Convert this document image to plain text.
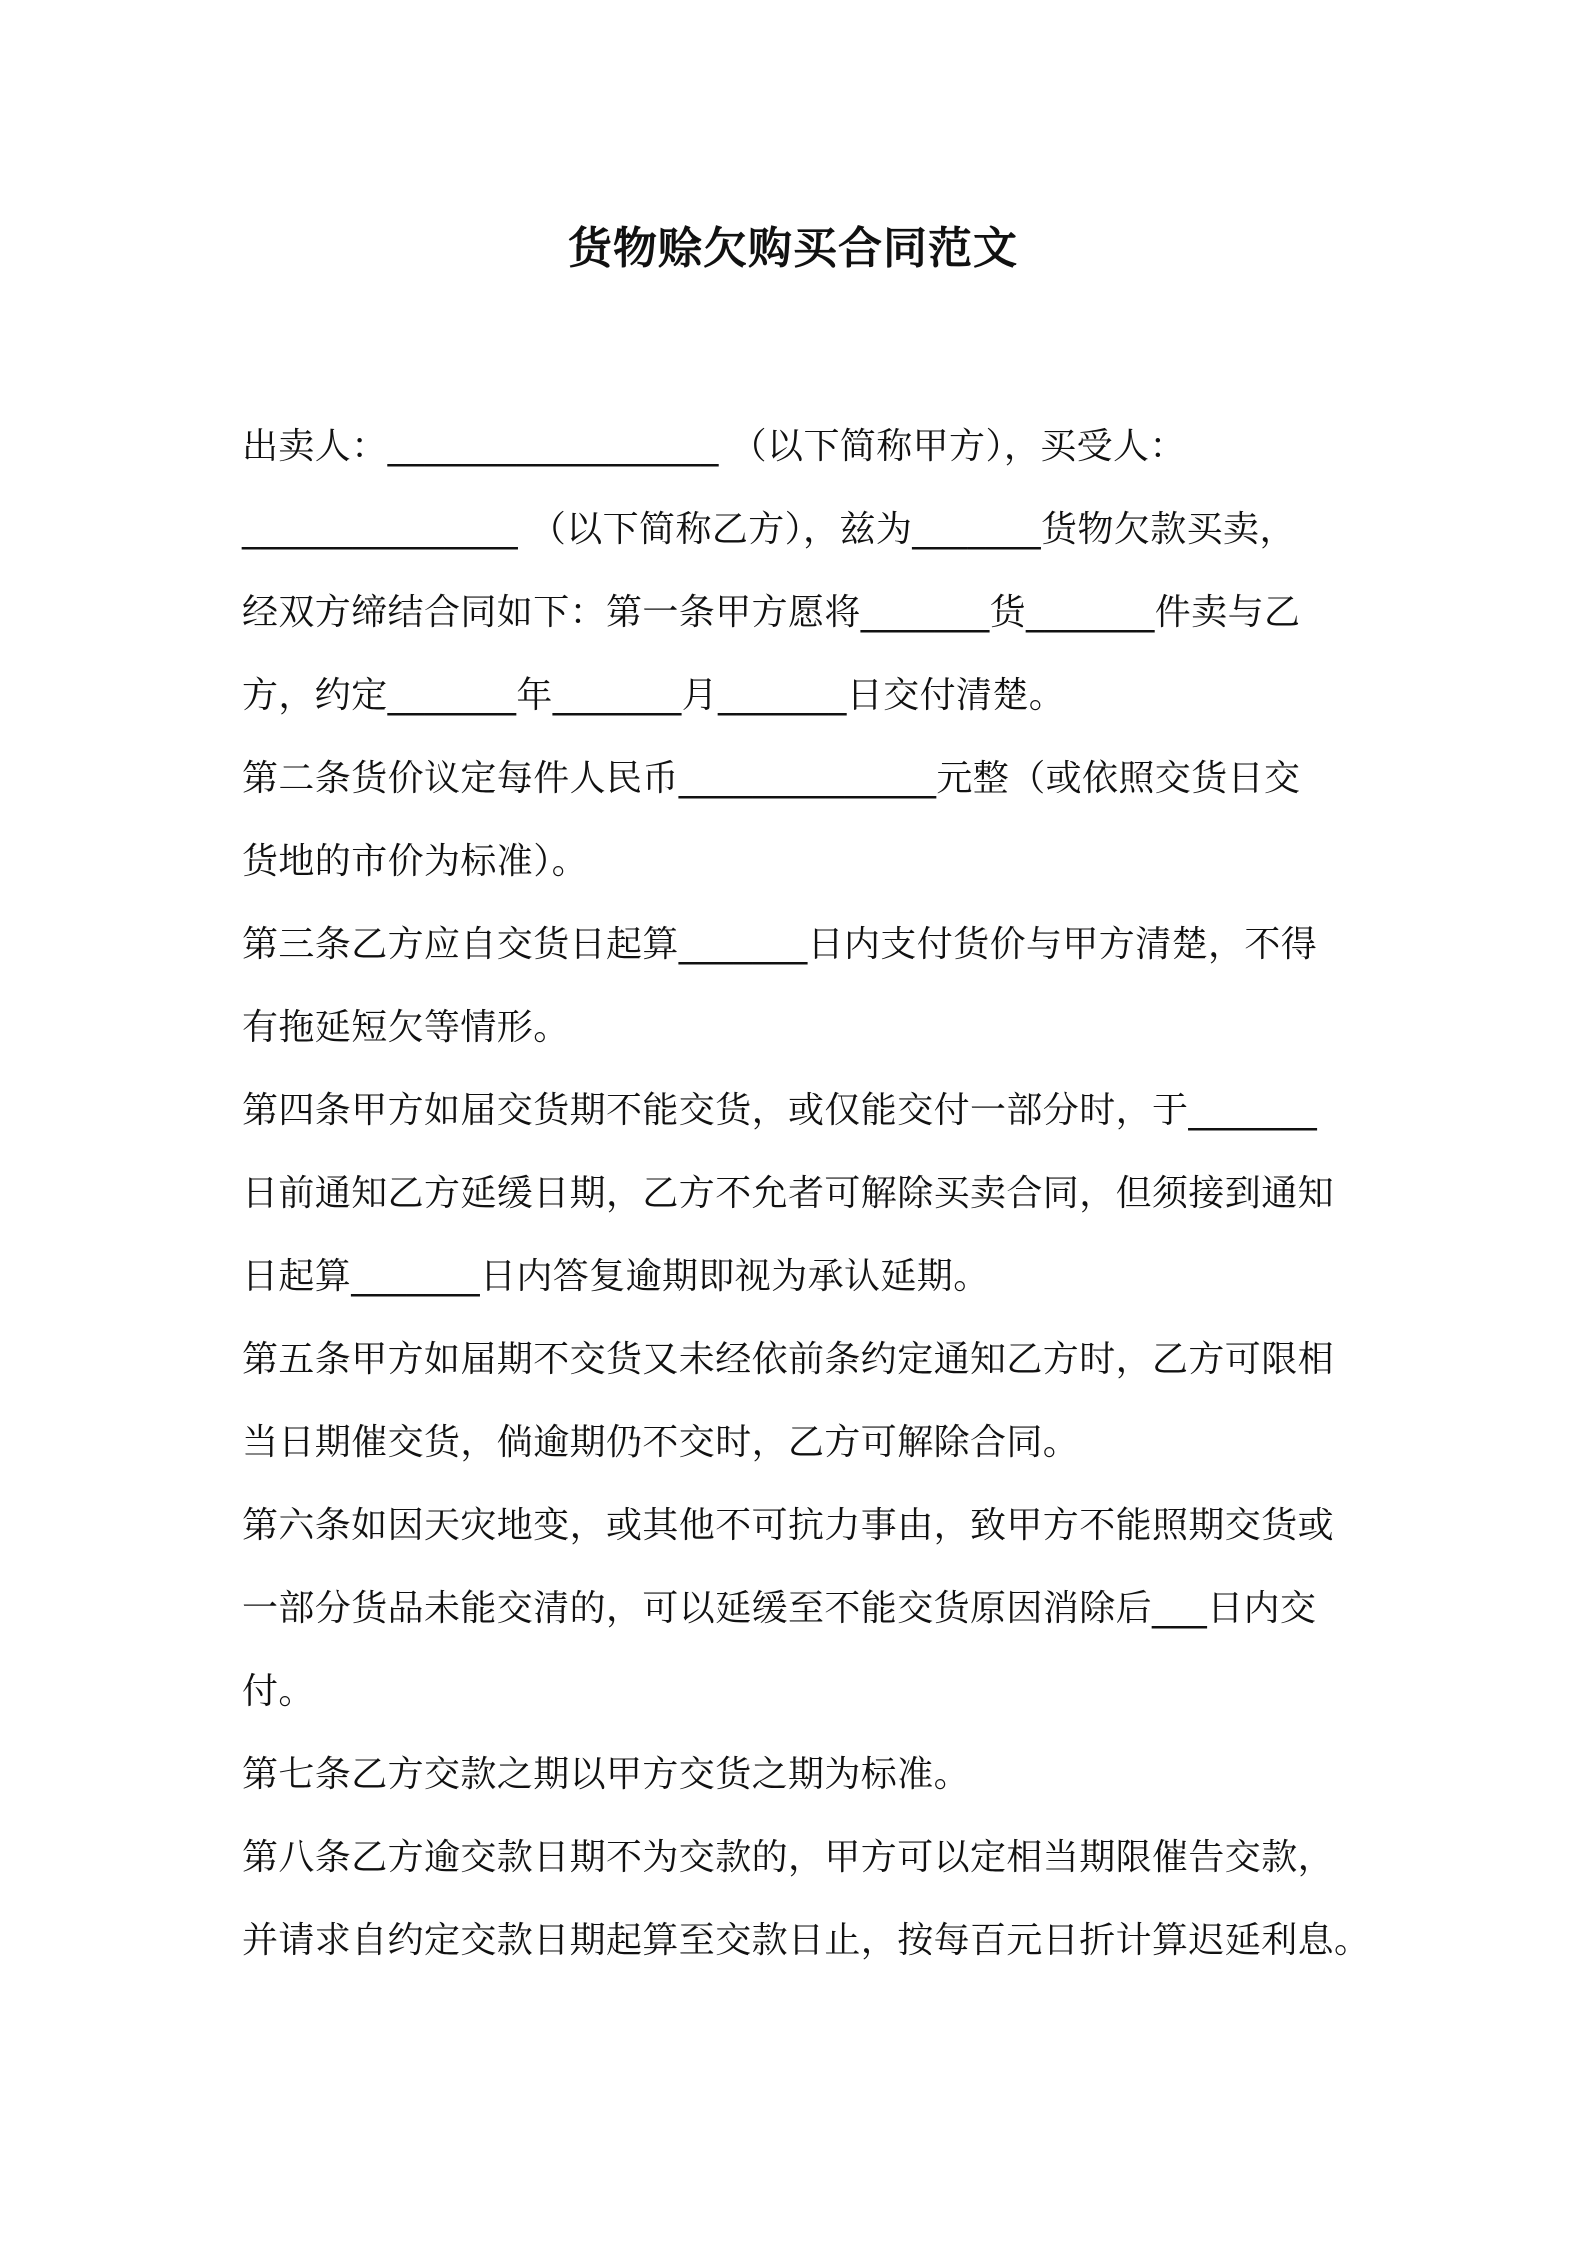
货物赊欠购买合同范文
出卖人：__________________ （以下简称甲方），买受人：
_______________ （以下简称乙方），兹为_______货物欠款买卖，
经双方缔结合同如下：第一条甲方愿将_______货_______件卖与乙
方，约定_______年_______月_______日交付清楚。
第二条货价议定每件人民币______________元整（或依照交货日交
货地的市价为标准）。
第三条乙方应自交货日起算_______日内支付货价与甲方清楚，不得
有拖延短欠等情形。
第四条甲方如届交货期不能交货，或仅能交付一部分时，于_______
日前通知乙方延缓日期，乙方不允者可解除买卖合同，但须接到通知
日起算_______日内答复逾期即视为承认延期。
第五条甲方如届期不交货又未经依前条约定通知乙方时，乙方可限相
当日期催交货，倘逾期仍不交时，乙方可解除合同。
第六条如因天灾地变，或其他不可抗力事由，致甲方不能照期交货或
一部分货品未能交清的，可以延缓至不能交货原因消除后___日内交
付。
第七条乙方交款之期以甲方交货之期为标准。
第八条乙方逾交款日期不为交款的，甲方可以定相当期限催告交款，
并请求自约定交款日期起算至交款日止，按每百元日折计算迟延利息。
